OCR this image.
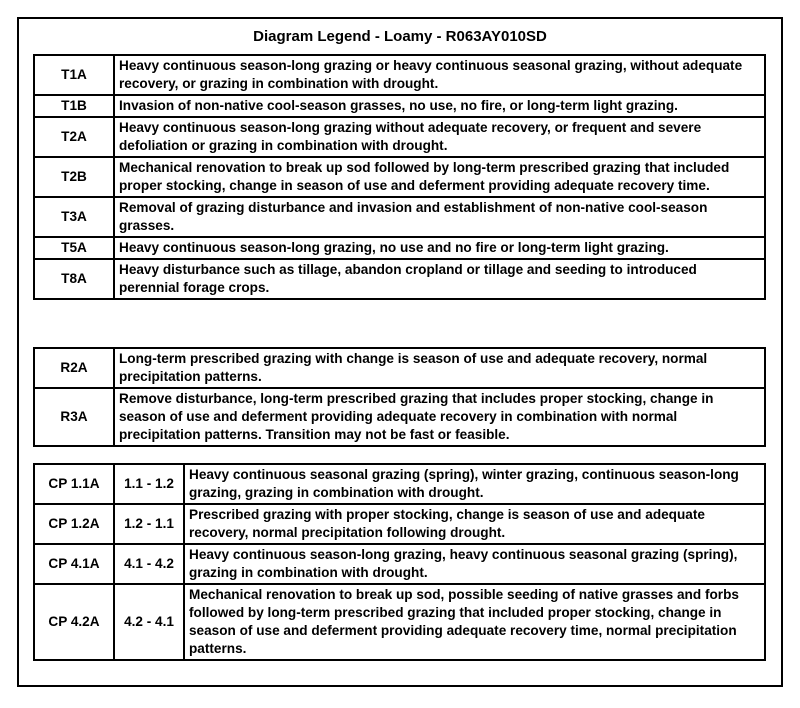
Diagram Legend - Loamy - R063AY010SD
T1A	Heavy continuous season-long grazing or heavy continuous seasonal grazing, without adequate recovery, or grazing in combination with drought.
T1B	Invasion of non-native cool-season grasses, no use, no fire, or long-term light grazing.
T2A	Heavy continuous season-long grazing without adequate recovery, or frequent and severe defoliation or grazing in combination with drought.
T2B	Mechanical renovation to break up sod followed by long-term prescribed grazing that included proper stocking, change in season of use and deferment providing adequate recovery time.
T3A	Removal of grazing disturbance and invasion and establishment of non-native cool-season grasses.
T5A	Heavy continuous season-long grazing, no use and no fire or long-term light grazing.
T8A	Heavy disturbance such as tillage, abandon cropland or tillage and seeding to introduced perennial forage crops.
R2A	Long-term prescribed grazing with change is season of use and adequate recovery, normal precipitation patterns.
R3A	Remove disturbance, long-term prescribed grazing that includes proper stocking, change in season of use and deferment providing adequate recovery in combination with normal precipitation patterns. Transition may not be fast or feasible.
CP 1.1A	1.1 - 1.2	Heavy continuous seasonal grazing (spring), winter grazing, continuous season-long grazing, grazing in combination with drought.
CP 1.2A	1.2 - 1.1	Prescribed grazing with proper stocking, change is season of use and adequate recovery, normal precipitation following drought.
CP 4.1A	4.1 - 4.2	Heavy continuous season-long grazing, heavy continuous seasonal grazing (spring), grazing in combination with drought.
CP 4.2A	4.2 - 4.1	Mechanical renovation to break up sod, possible seeding of native grasses and forbs followed by long-term prescribed grazing that included proper stocking, change in season of use and deferment providing adequate recovery time, normal precipitation patterns.
